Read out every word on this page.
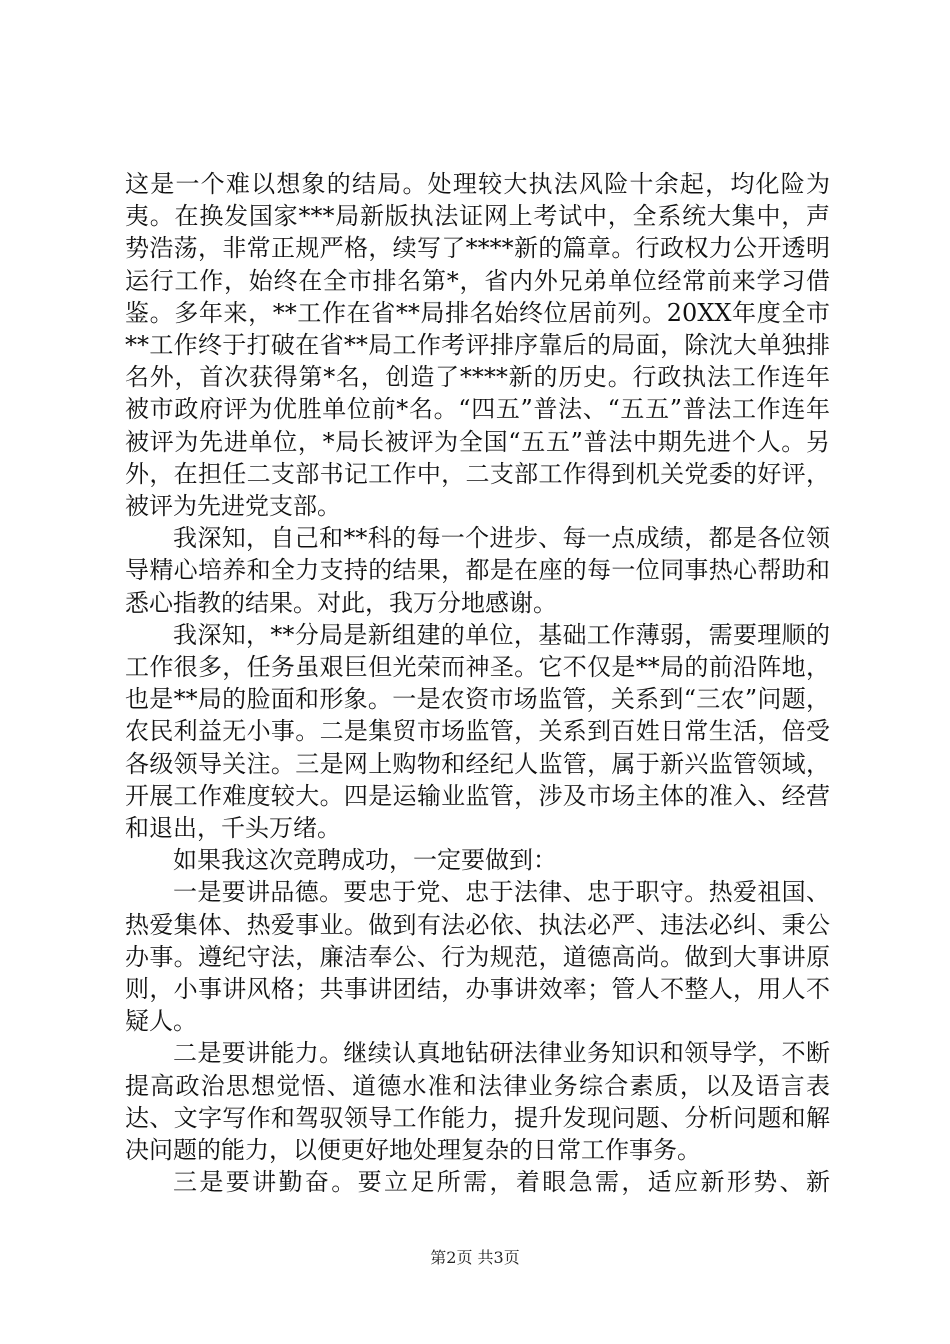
这是一个难以想象的结局。处理较大执法风险十余起，均化险为夷。在换发国家***局新版执法证网上考试中，全系统大集中，声势浩荡，非常正规严格，续写了****新的篇章。行政权力公开透明运行工作，始终在全市排名第*，省内外兄弟单位经常前来学习借鉴。多年来，**工作在省**局排名始终位居前列。20XX年度全市**工作终于打破在省**局工作考评排序靠后的局面，除沈大单独排名外，首次获得第*名，创造了****新的历史。行政执法工作连年被市政府评为优胜单位前*名。“四五”普法、“五五”普法工作连年被评为先进单位，*局长被评为全国“五五”普法中期先进个人。另外，在担任二支部书记工作中，二支部工作得到机关党委的好评，被评为先进党支部。

我深知，自己和**科的每一个进步、每一点成绩，都是各位领导精心培养和全力支持的结果，都是在座的每一位同事热心帮助和悉心指教的结果。对此，我万分地感谢。

我深知，**分局是新组建的单位，基础工作薄弱，需要理顺的工作很多，任务虽艰巨但光荣而神圣。它不仅是**局的前沿阵地，也是**局的脸面和形象。一是农资市场监管，关系到“三农”问题，农民利益无小事。二是集贸市场监管，关系到百姓日常生活，倍受各级领导关注。三是网上购物和经纪人监管，属于新兴监管领域，开展工作难度较大。四是运输业监管，涉及市场主体的准入、经营和退出，千头万绪。

如果我这次竞聘成功，一定要做到：

一是要讲品德。要忠于党、忠于法律、忠于职守。热爱祖国、热爱集体、热爱事业。做到有法必依、执法必严、违法必纠、秉公办事。遵纪守法，廉洁奉公、行为规范，道德高尚。做到大事讲原则，小事讲风格；共事讲团结，办事讲效率；管人不整人，用人不疑人。

二是要讲能力。继续认真地钻研法律业务知识和领导学，不断提高政治思想觉悟、道德水准和法律业务综合素质，以及语言表达、文字写作和驾驭领导工作能力，提升发现问题、分析问题和解决问题的能力，以便更好地处理复杂的日常工作事务。

三是要讲勤奋。要立足所需，着眼急需，适应新形势、新

第2页 共3页
